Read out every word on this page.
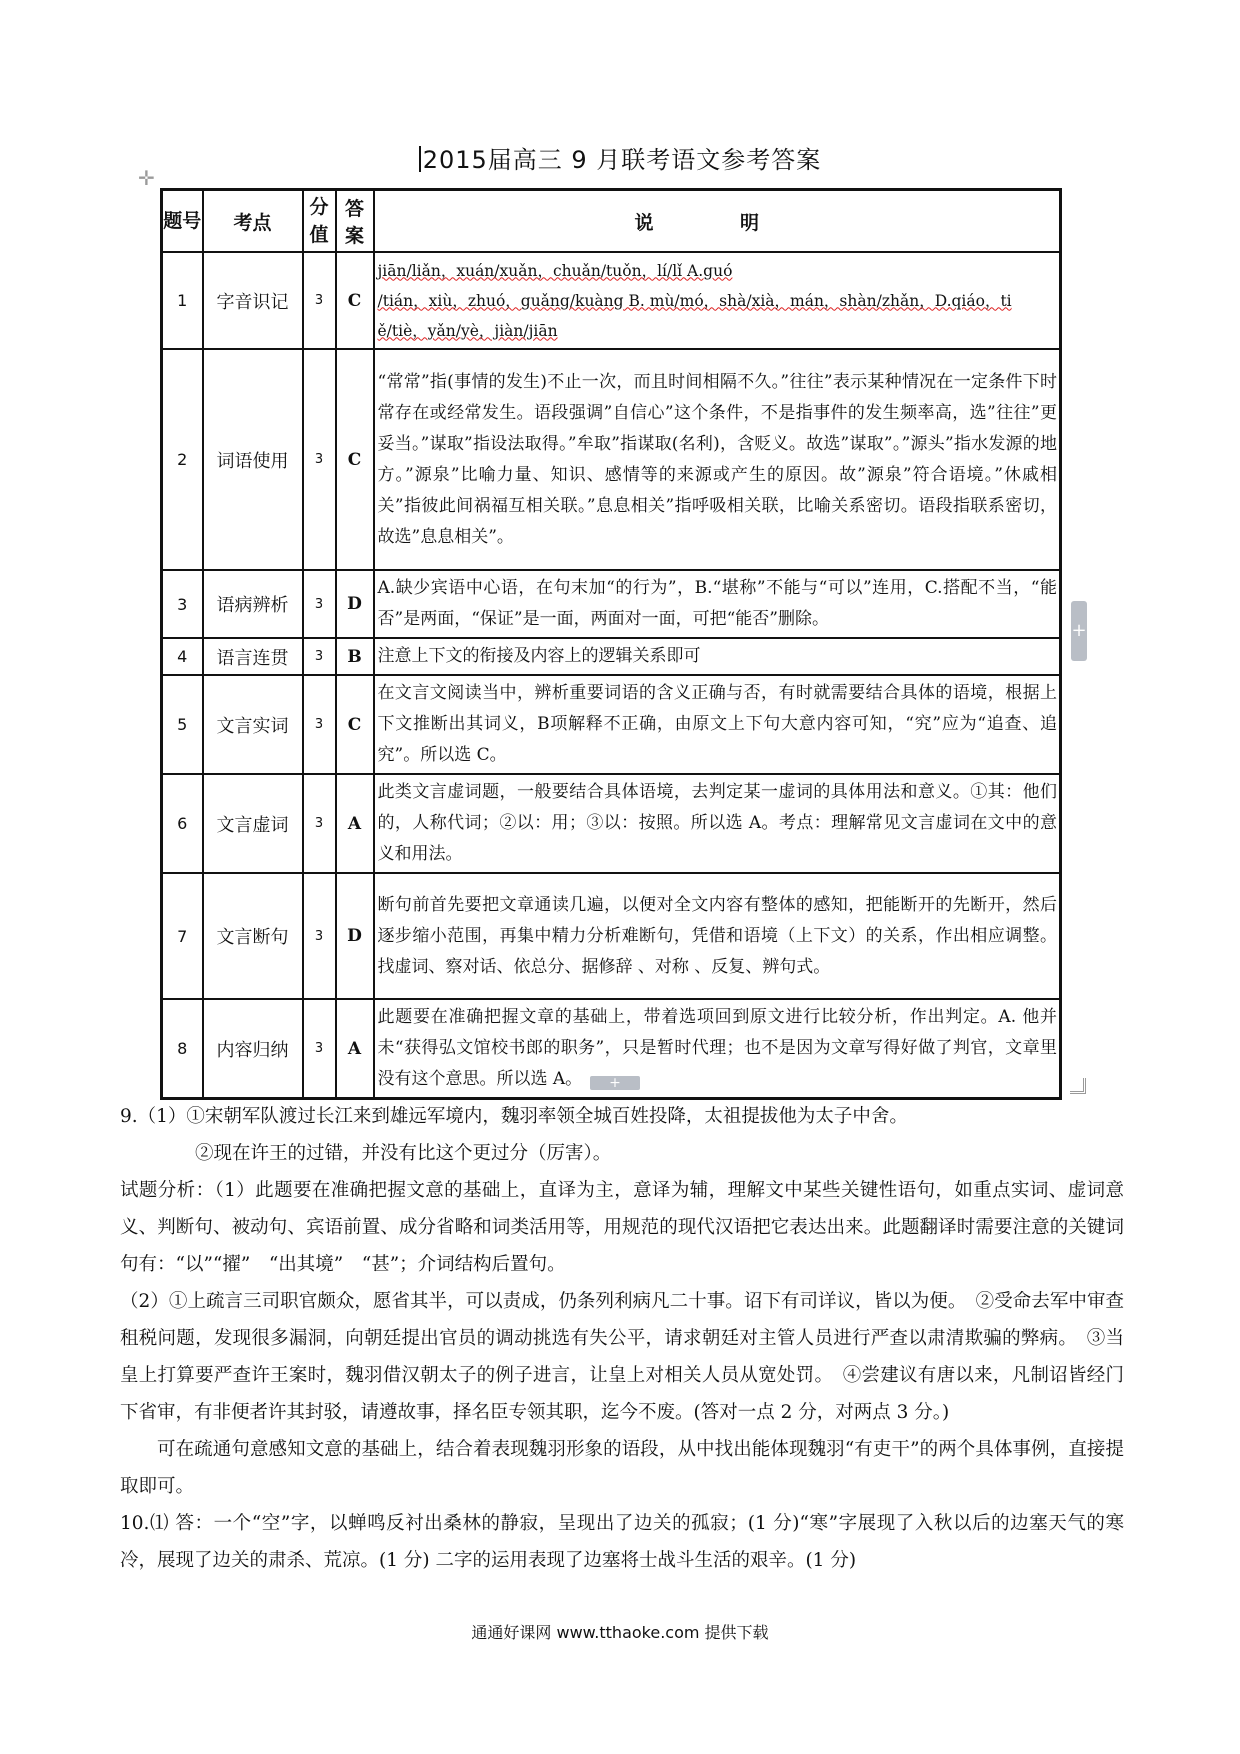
2015届高三 9 月联考语文参考答案
✛
+
+
题号	考点	分值	答案	说 明
1	字音识记	3	C	jiān/liǎn，xuán/xuǎn，chuǎn/tuǒn，lí/lǐ A.guó
/tián，xiù，zhuó，guǎng/kuàng B. mù/mó，shà/xià，mán，shàn/zhǎn，D.qiáo，ti
ě/tiè，yǎn/yè，jiàn/jiān

2	词语使用	3	C	“常常”指(事情的发生)不止一次，而且时间相隔不久。”往往”表示某种情况在一定条件下时常存在或经常发生。语段强调”自信心”这个条件，不是指事件的发生频率高，选”往往”更妥当。”谋取”指设法取得。”牟取”指谋取(名利)，含贬义。故选”谋取”。”源头”指水发源的地方。”源泉”比喻力量、知识、感情等的来源或产生的原因。故”源泉”符合语境。”休戚相关”指彼此间祸福互相关联。”息息相关”指呼吸相关联，比喻关系密切。语段指联系密切，故选”息息相关”。
3	语病辨析	3	D	A.缺少宾语中心语，在句末加“的行为”，B.“堪称”不能与“可以”连用，C.搭配不当，“能否”是两面，“保证”是一面，两面对一面，可把“能否”删除。
4	语言连贯	3	B	注意上下文的衔接及内容上的逻辑关系即可
5	文言实词	3	C	在文言文阅读当中，辨析重要词语的含义正确与否，有时就需要结合具体的语境，根据上下文推断出其词义，B项解释不正确，由原文上下句大意内容可知，“究”应为“追查、追究”。所以选 C。
6	文言虚词	3	A	此类文言虚词题，一般要结合具体语境，去判定某一虚词的具体用法和意义。①其：他们的，人称代词；②以：用；③以：按照。所以选 A。考点：理解常见文言虚词在文中的意义和用法。
7	文言断句	3	D	断句前首先要把文章通读几遍，以便对全文内容有整体的感知，把能断开的先断开，然后逐步缩小范围，再集中精力分析难断句，凭借和语境（上下文）的关系，作出相应调整。找虚词、察对话、依总分、据修辞 、对称 、反复、辨句式。
8	内容归纳	3	A	此题要在准确把握文章的基础上，带着选项回到原文进行比较分析，作出判定。A. 他并未“获得弘文馆校书郎的职务”，只是暂时代理；也不是因为文章写得好做了判官，文章里没有这个意思。所以选 A。

9.（1）①宋朝军队渡过长江来到雄远军境内，魏羽率领全城百姓投降，太祖提拔他为太子中舍。

②现在许王的过错，并没有比这个更过分（厉害）。

试题分析：（1）此题要在准确把握文意的基础上，直译为主，意译为辅，理解文中某些关键性语句，如重点实词、虚词意义、判断句、被动句、宾语前置、成分省略和词类活用等，用规范的现代汉语把它表达出来。此题翻译时需要注意的关键词句有：“以”“擢”　“出其境”　“甚”；介词结构后置句。

（2）①上疏言三司职官颇众，愿省其半，可以责成，仍条列利病凡二十事。诏下有司详议，皆以为便。　②受命去军中审查租税问题，发现很多漏洞，向朝廷提出官员的调动挑选有失公平，请求朝廷对主管人员进行严查以肃清欺骗的弊病。　③当皇上打算要严查许王案时，魏羽借汉朝太子的例子进言，让皇上对相关人员从宽处罚。　④尝建议有唐以来，凡制诏皆经门下省审，有非便者许其封驳，请遵故事，择名臣专领其职，迄今不废。(答对一点 2 分，对两点 3 分。)

可在疏通句意感知文意的基础上，结合着表现魏羽形象的语段，从中找出能体现魏羽“有吏干”的两个具体事例，直接提取即可。

10.⑴ 答：一个“空”字，以蝉鸣反衬出桑林的静寂，呈现出了边关的孤寂；(1 分)“寒”字展现了入秋以后的边塞天气的寒冷，展现了边关的肃杀、荒凉。(1 分) 二字的运用表现了边塞将士战斗生活的艰辛。(1 分)

通通好课网 www.tthaoke.com 提供下载
